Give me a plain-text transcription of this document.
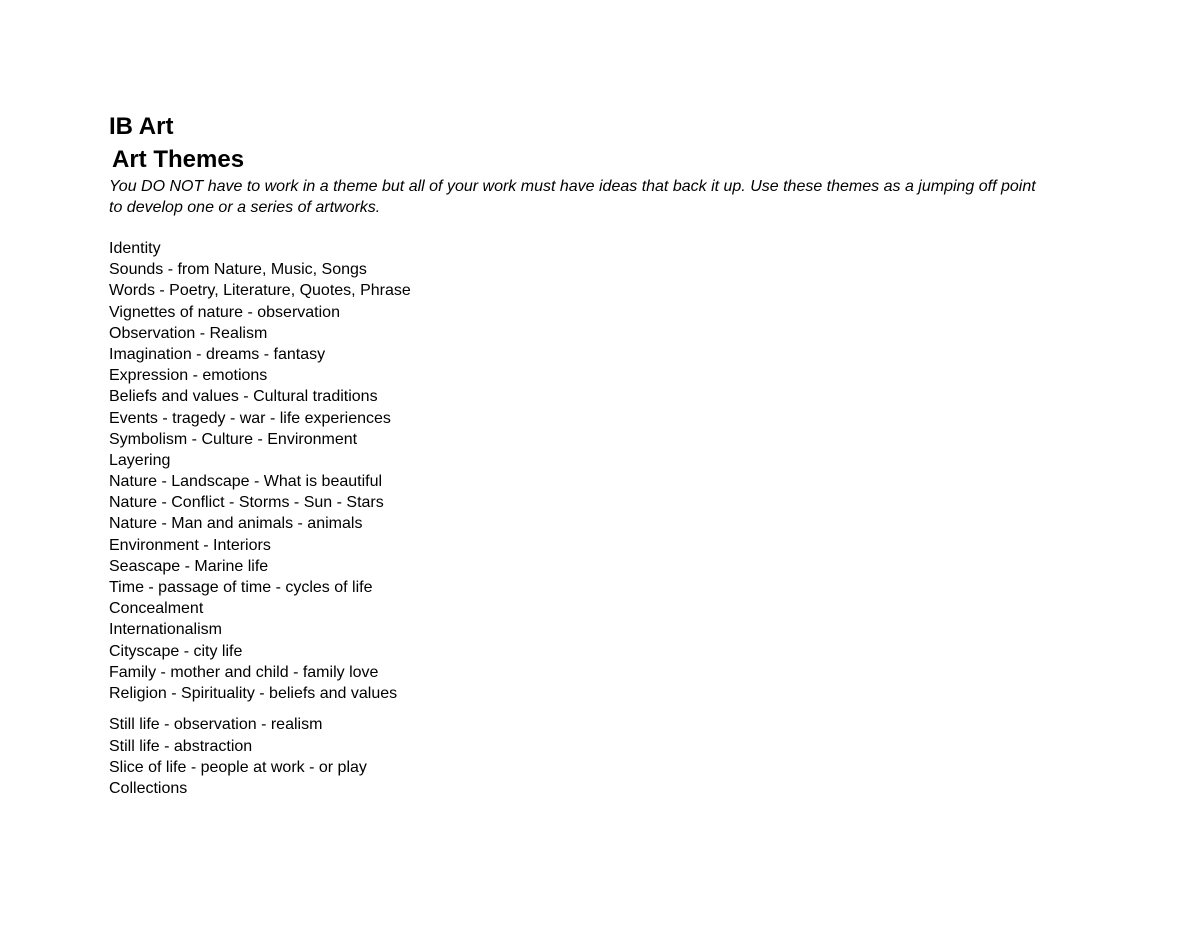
IB Art
Art Themes

You DO NOT have to work in a theme but all of your work must have ideas that back it up. Use these themes as a jumping off point to develop one or a series of artworks.

Identity
Sounds - from Nature, Music, Songs
Words - Poetry, Literature, Quotes, Phrase
Vignettes of nature - observation
Observation - Realism
Imagination - dreams - fantasy
Expression - emotions
Beliefs and values - Cultural traditions
Events - tragedy - war - life experiences
Symbolism - Culture - Environment
Layering
Nature - Landscape - What is beautiful
Nature - Conflict - Storms - Sun - Stars
Nature - Man and animals - animals
Environment - Interiors
Seascape - Marine life
Time - passage of time - cycles of life
Concealment
Internationalism
Cityscape - city life
Family - mother and child - family love
Religion - Spirituality - beliefs and values
Still life - observation - realism
Still life - abstraction
Slice of life - people at work - or play
Collections
